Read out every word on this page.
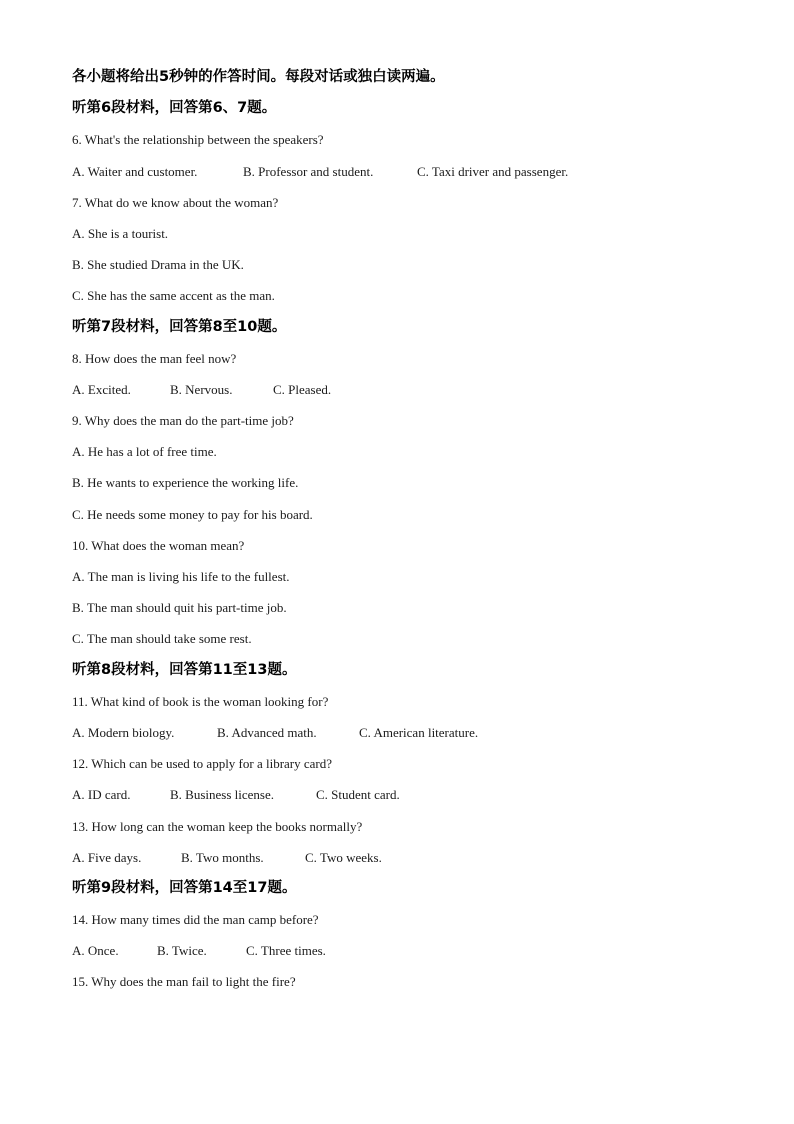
各小题将给出5秒钟的作答时间。每段对话或独白读两遍。
听第6段材料，回答第6、7题。
6. What's the relationship between the speakers?
A. Waiter and customer.	B. Professor and student.	C. Taxi driver and passenger.
7. What do we know about the woman?
A. She is a tourist.
B. She studied Drama in the UK.
C. She has the same accent as the man.
听第7段材料，回答第8至10题。
8. How does the man feel now?
A. Excited.	B. Nervous.	C. Pleased.
9. Why does the man do the part-time job?
A. He has a lot of free time.
B. He wants to experience the working life.
C. He needs some money to pay for his board.
10. What does the woman mean?
A. The man is living his life to the fullest.
B. The man should quit his part-time job.
C. The man should take some rest.
听第8段材料，回答第11至13题。
11. What kind of book is the woman looking for?
A. Modern biology.	B. Advanced math.	C. American literature.
12. Which can be used to apply for a library card?
A. ID card.	B. Business license.	C. Student card.
13. How long can the woman keep the books normally?
A. Five days.	B. Two months.	C. Two weeks.
听第9段材料，回答第14至17题。
14. How many times did the man camp before?
A. Once.	B. Twice.	C. Three times.
15. Why does the man fail to light the fire?
